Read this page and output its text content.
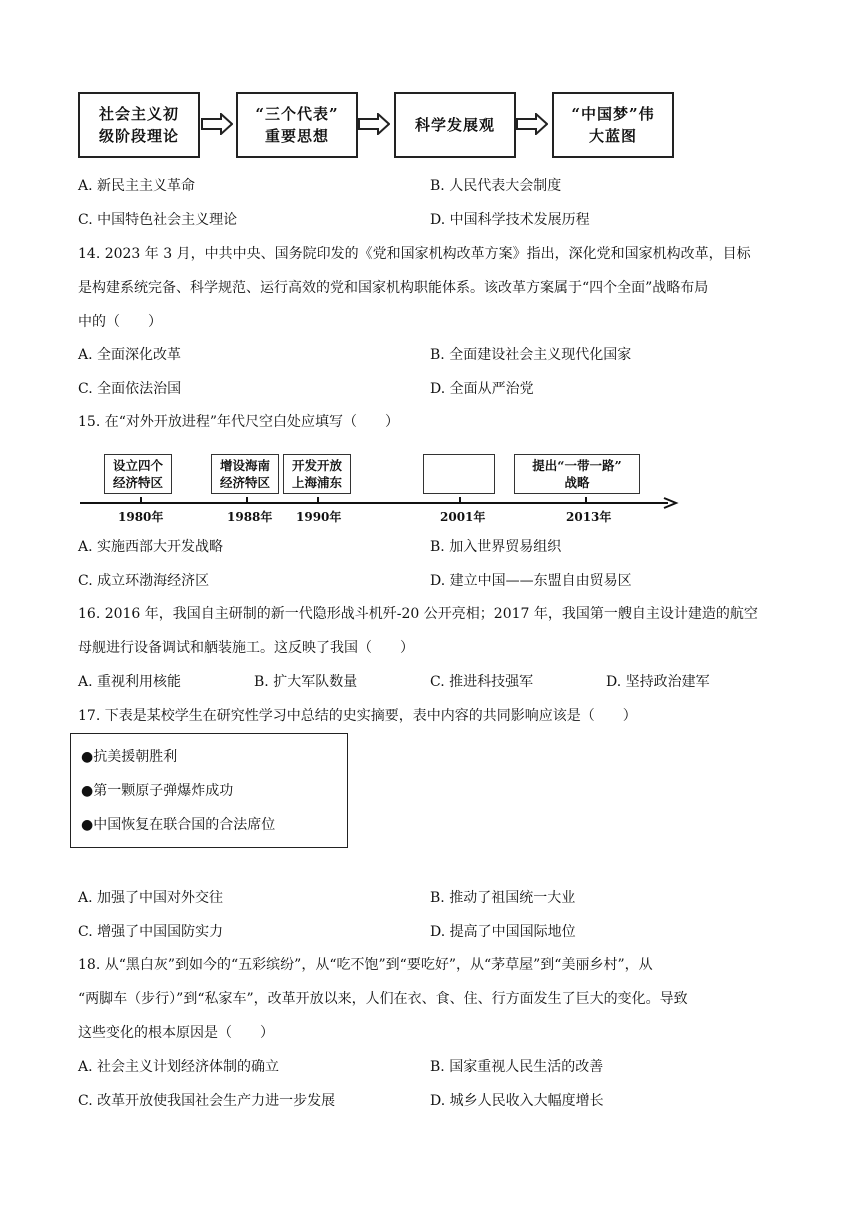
社会主义初
级阶段理论
“三个代表”
重要思想
科学发展观
“中国梦”伟
大蓝图
A. 新民主主义革命	B. 人民代表大会制度
C. 中国特色社会主义理论	D. 中国科学技术发展历程
14. 2023 年 3 月，中共中央、国务院印发的《党和国家机构改革方案》指出，深化党和国家机构改革，目标
是构建系统完备、科学规范、运行高效的党和国家机构职能体系。该改革方案属于“四个全面”战略布局
中的（　　）
A. 全面深化改革	B. 全面建设社会主义现代化国家
C. 全面依法治国	D. 全面从严治党
15. 在“对外开放进程”年代尺空白处应填写（　　）
设立四个
经济特区
增设海南
经济特区
开发开放
上海浦东
提出“一带一路”
战略
1980年	1988年 1990年	2001年	2013年
A. 实施西部大开发战略	B. 加入世界贸易组织
C. 成立环渤海经济区	D. 建立中国——东盟自由贸易区
16. 2016 年，我国自主研制的新一代隐形战斗机歼-20 公开亮相；2017 年，我国第一艘自主设计建造的航空
母舰进行设备调试和舾装施工。这反映了我国（　　）
A. 重视利用核能	B. 扩大军队数量	C. 推进科技强军	D. 坚持政治建军
17. 下表是某校学生在研究性学习中总结的史实摘要，表中内容的共同影响应该是（　　）
●抗美援朝胜利
●第一颗原子弹爆炸成功
●中国恢复在联合国的合法席位
A. 加强了中国对外交往	B. 推动了祖国统一大业
C. 增强了中国国防实力	D. 提高了中国国际地位
18. 从“黑白灰”到如今的“五彩缤纷”，从“吃不饱”到“要吃好”，从“茅草屋”到“美丽乡村”，从
“两脚车（步行）”到“私家车”，改革开放以来，人们在衣、食、住、行方面发生了巨大的变化。导致
这些变化的根本原因是（　　）
A. 社会主义计划经济体制的确立	B. 国家重视人民生活的改善
C. 改革开放使我国社会生产力进一步发展	D. 城乡人民收入大幅度增长
